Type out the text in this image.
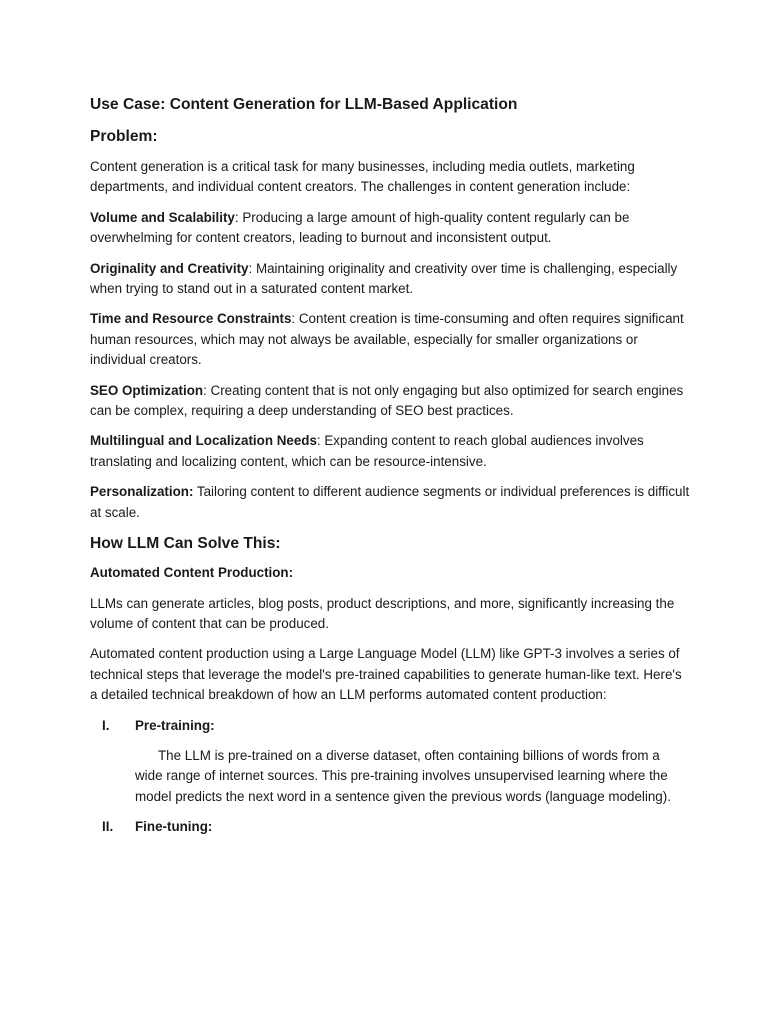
Use Case: Content Generation for LLM-Based Application
Problem:
Content generation is a critical task for many businesses, including media outlets, marketing departments, and individual content creators. The challenges in content generation include:
Volume and Scalability: Producing a large amount of high-quality content regularly can be overwhelming for content creators, leading to burnout and inconsistent output.
Originality and Creativity: Maintaining originality and creativity over time is challenging, especially when trying to stand out in a saturated content market.
Time and Resource Constraints: Content creation is time-consuming and often requires significant human resources, which may not always be available, especially for smaller organizations or individual creators.
SEO Optimization: Creating content that is not only engaging but also optimized for search engines can be complex, requiring a deep understanding of SEO best practices.
Multilingual and Localization Needs: Expanding content to reach global audiences involves translating and localizing content, which can be resource-intensive.
Personalization: Tailoring content to different audience segments or individual preferences is difficult at scale.
How LLM Can Solve This:
Automated Content Production:
LLMs can generate articles, blog posts, product descriptions, and more, significantly increasing the volume of content that can be produced.
Automated content production using a Large Language Model (LLM) like GPT-3 involves a series of technical steps that leverage the model's pre-trained capabilities to generate human-like text. Here's a detailed technical breakdown of how an LLM performs automated content production:
I. Pre-training:
The LLM is pre-trained on a diverse dataset, often containing billions of words from a wide range of internet sources. This pre-training involves unsupervised learning where the model predicts the next word in a sentence given the previous words (language modeling).
II. Fine-tuning:
